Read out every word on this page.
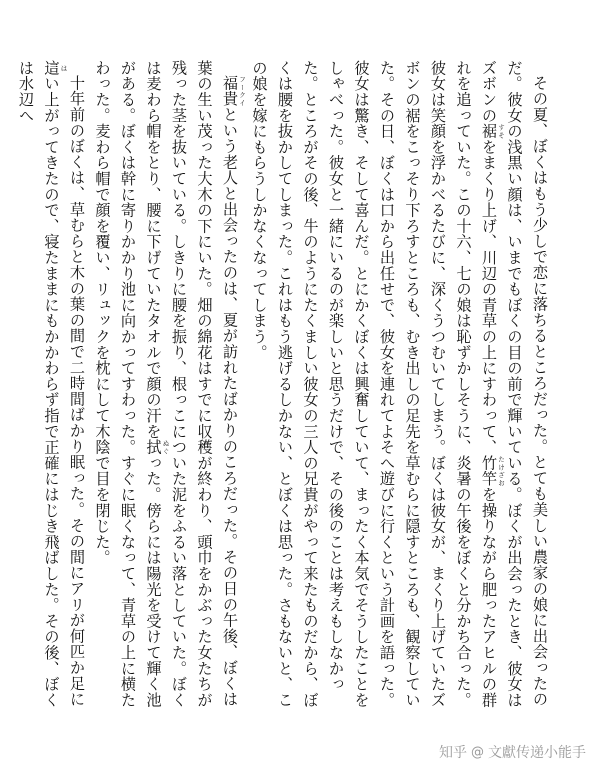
その夏、ぼくはもう少しで恋に落ちるところだった。とても美しい農家の娘に出会ったのだ。彼女の浅黒い顔は、いまでもぼくの目の前で輝いている。ぼくが出会ったとき、彼女はズボンの裾 すそをまくり上げ、川辺の青草の上にすわって、竹竿 たけざおを操りながら肥ったアヒルの群れを追っていた。この十六、七の娘は恥ずかしそうに、炎暑の午後をぼくと分かち合った。彼女は笑顔を浮かべるたびに、深くうつむいてしまう。ぼくは彼女が、まくり上げていたズボンの裾をこっそり下ろすところも、むき出しの足先を草むらに隠すところも、観察していた。その日、ぼくは口から出任せで、彼女を連れてよそへ遊びに行くという計画を語った。彼女は驚き、そして喜んだ。とにかくぼくは興奮していて、まったく本気でそうしたことをしゃべった。彼女と一緒にいるのが楽しいと思うだけで、その後のことは考えもしなかった。ところがその後、牛のようにたくましい彼女の三人の兄貴がやって来たものだから、ぼくは腰を抜かしてしまった。これはもう逃げるしかない、とぼくは思った。さもないと、この娘を嫁にもらうしかなくなってしまう。

福貴 フークイという老人と出会ったのは、夏が訪れたばかりのころだった。その日の午後、ぼくは葉の生い茂った大木の下にいた。畑の綿花はすでに収穫が終わり、頭巾をかぶった女たちが残った茎を抜いている。しきりに腰を振り、根っこについた泥をふるい落としていた。ぼくは麦わら帽をとり、腰に下げていたタオルで顔の汗を拭 ぬぐった。傍らには陽光を受けて輝く池がある。ぼくは幹に寄りかかり池に向かってすわった。すぐに眠くなって、青草の上に横たわった。麦わら帽で顔を覆い、リュックを枕にして木陰で目を閉じた。

十年前のぼくは、草むらと木の葉の間で二時間ばかり眠った。その間にアリが何匹か足に這 はい上がってきたので、寝たままにもかかわらず指で正確にはじき飛ばした。その後、ぼくは水辺へ

知乎 @ 文獻传递小能手
